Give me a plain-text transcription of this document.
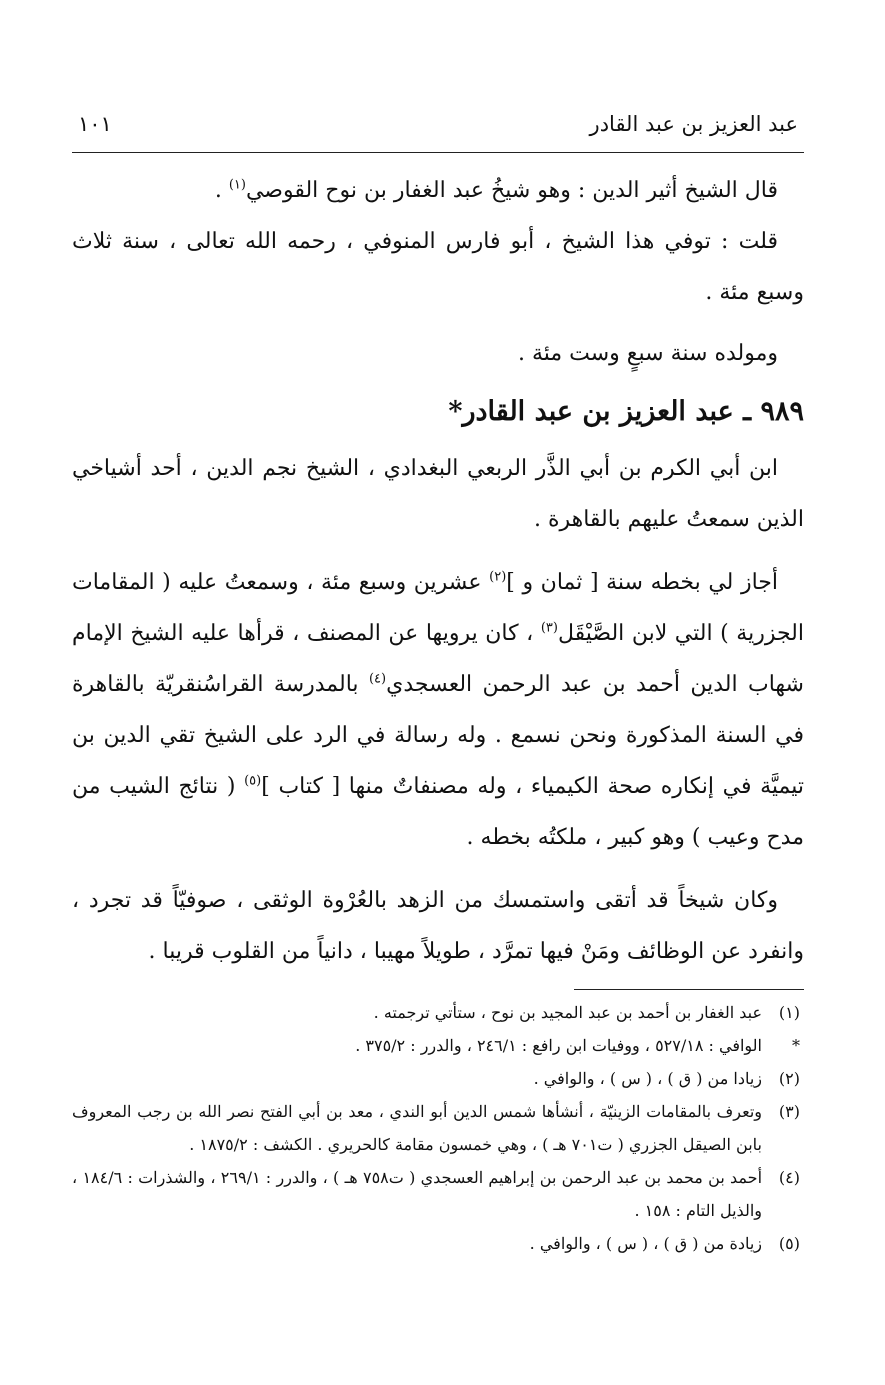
عبد العزيز بن عبد القادر
١٠١

قال الشيخ أثير الدين : وهو شيخُ عبد الغفار بن نوح القوصي$^{(١)}$ .

قلت : توفي هذا الشيخ ، أبو فارس المنوفي ، رحمه الله تعالى ، سنة ثلاث وسبع مئة .

ومولده سنة سبعٍ وست مئة .

٩٨٩ ـ عبد العزيز بن عبد القادر*

ابن أبي الكرم بن أبي الذَّر الربعي البغدادي ، الشيخ نجم الدين ، أحد أشياخي الذين سمعتُ عليهم بالقاهرة .

أجاز لي بخطه سنة [ ثمان و ]$^{(٢)}$ عشرين وسبع مئة ، وسمعتُ عليه ( المقامات الجزرية ) التي لابن الصَّيْقَل$^{(٣)}$ ، كان يرويها عن المصنف ، قرأها عليه الشيخ الإمام شهاب الدين أحمد بن عبد الرحمن العسجدي$^{(٤)}$ بالمدرسة القراسُنقريّة بالقاهرة في السنة المذكورة ونحن نسمع . وله رسالة في الرد على الشيخ تقي الدين بن تيميَّة في إنكاره صحة الكيمياء ، وله مصنفاتٌ منها [ كتاب ]$^{(٥)}$ ( نتائج الشيب من مدح وعيب ) وهو كبير ، ملكتُه بخطه .

وكان شيخاً قد أتقى واستمسك من الزهد بالعُرْوة الوثقى ، صوفيّاً قد تجرد ، وانفرد عن الوظائف ومَنْ فيها تمرَّد ، طويلاً مهيبا ، دانياً من القلوب قريبا .

(١)
عبد الغفار بن أحمد بن عبد المجيد بن نوح ، ستأتي ترجمته .
*
الوافي : ٥٢٧/١٨ ، ووفيات ابن رافع : ٢٤٦/١ ، والدرر : ٣٧٥/٢ .
(٢)
زيادا من ( ق ) ، ( س ) ، والوافي .
(٣)
وتعرف بالمقامات الزينيّة ، أنشأها شمس الدين أبو الندي ، معد بن أبي الفتح نصر الله بن رجب المعروف بابن الصيقل الجزري ( ت٧٠١ هـ ) ، وهي خمسون مقامة كالحريري . الكشف : ١٨٧٥/٢ .
(٤)
أحمد بن محمد بن عبد الرحمن بن إبراهيم العسجدي ( ت٧٥٨ هـ ) ، والدرر : ٢٦٩/١ ، والشذرات : ١٨٤/٦ ، والذيل التام : ١٥٨ .
(٥)
زيادة من ( ق ) ، ( س ) ، والوافي .
